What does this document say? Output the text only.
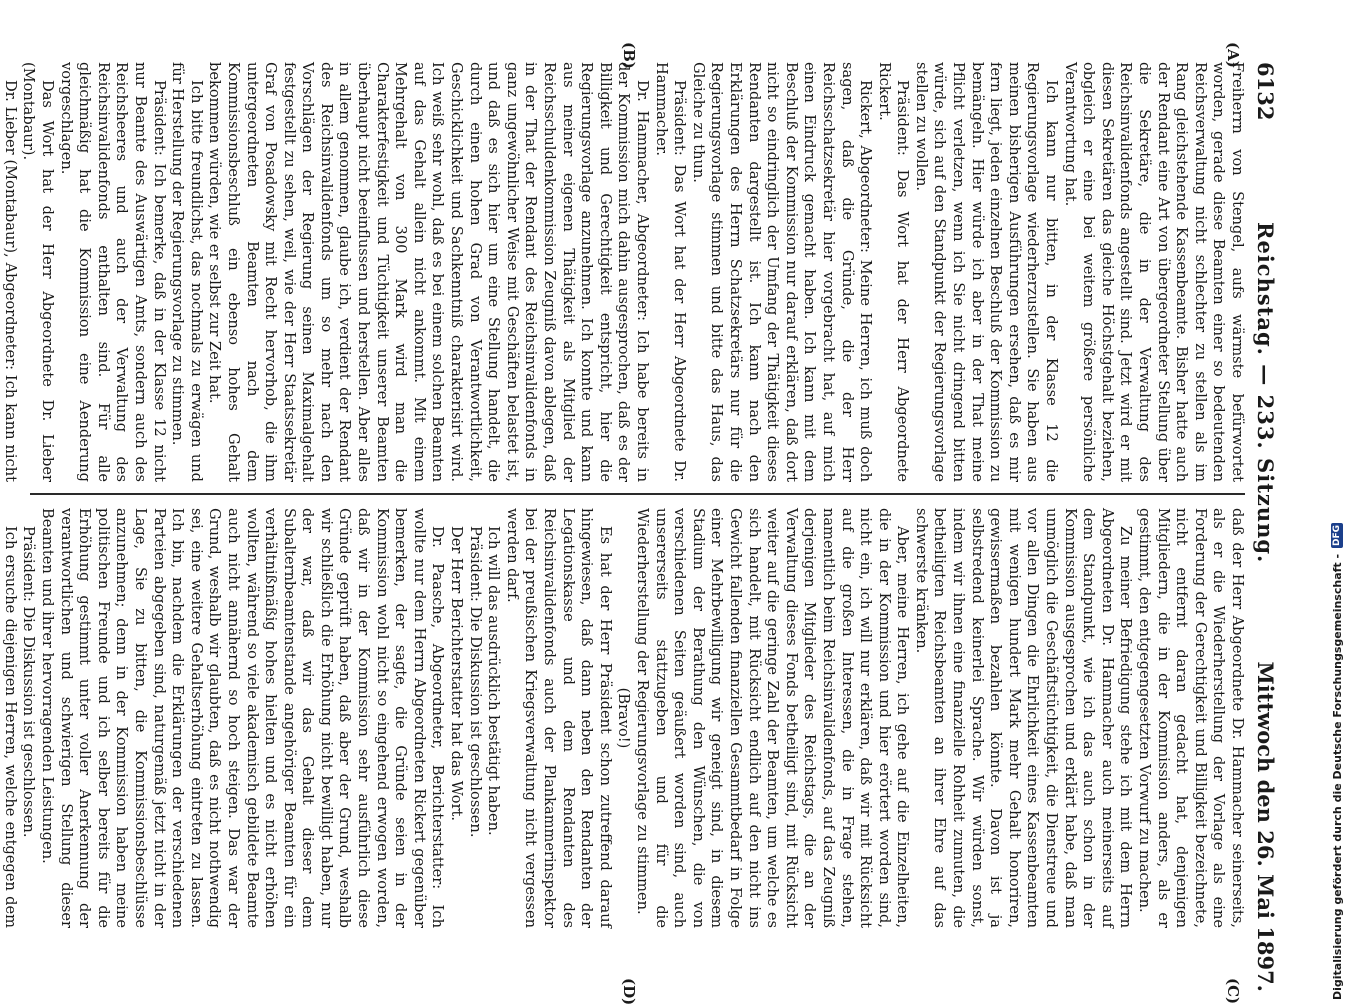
6132
Reichstag. — 233. Sitzung.
Mittwoch den 26. Mai 1897.
(A)
(B)
(C)
(D)

Freiherrn von Stengel, aufs wärmste befürwortet worden, gerade diese Beamten einer so bedeutenden Reichsverwaltung nicht schlechter zu stellen als im Rang gleichstehende Kassenbeamte. Bisher hatte auch der Rendant eine Art von übergeordneter Stellung über die Sekretäre, die in der Verwaltung des Reichsinvalidenfonds angestellt sind. Jetzt wird er mit diesen Sekretären das gleiche Höchstgehalt beziehen, obgleich er eine bei weitem größere persönliche Verantwortung hat.

Ich kann nur bitten, in der Klasse 12 die Regierungsvorlage wiederherzustellen. Sie haben aus meinen bisherigen Ausführungen ersehen, daß es mir fern liegt, jeden einzelnen Beschluß der Kommission zu bemängeln. Hier würde ich aber in der That meine Pflicht verletzen, wenn ich Sie nicht dringend bitten würde, sich auf den Standpunkt der Regierungsvorlage stellen zu wollen.

Präsident: Das Wort hat der Herr Abgeordnete Rickert.

Rickert, Abgeordneter: Meine Herren, ich muß doch sagen, daß die Gründe, die der Herr Reichsschatzsekretär hier vorgebracht hat, auf mich einen Eindruck gemacht haben. Ich kann mit dem Beschluß der Kommission nur darauf erklären, daß dort nicht so eindringlich der Umfang der Thätigkeit dieses Rendanten dargestellt ist. Ich kann nach den Erklärungen des Herrn Schatzsekretärs nur für die Regierungsvorlage stimmen und bitte das Haus, das Gleiche zu thun.

Präsident: Das Wort hat der Herr Abgeordnete Dr. Hammacher.

Dr. Hammacher, Abgeordneter: Ich habe bereits in der Kommission mich dahin ausgesprochen, daß es der Billigkeit und Gerechtigkeit entspricht, hier die Regierungsvorlage anzunehmen. Ich konnte und kann aus meiner eigenen Thätigkeit als Mitglied der Reichsschuldenkommission Zeugniß davon ablegen, daß in der That der Rendant des Reichsinvalidenfonds in ganz ungewöhnlicher Weise mit Geschäften belastet ist, und daß es sich hier um eine Stellung handelt, die durch einen hohen Grad von Verantwortlichkeit, Geschicklichkeit und Sachkenntniß charakterisirt wird. Ich weiß sehr wohl, daß es bei einem solchen Beamten auf das Gehalt allein nicht ankommt. Mit einem Mehrgehalt von 300 Mark wird man die Charakterfestigkeit und Tüchtigkeit unserer Beamten überhaupt nicht beeinflussen und herstellen. Aber alles in allem genommen, glaube ich, verdient der Rendant des Reichsinvalidenfonds um so mehr nach den Vorschlägen der Regierung seinen Maximalgehalt festgestellt zu sehen, weil, wie der Herr Staatssekretär Graf von Posadowsky mit Recht hervorhob, die ihm untergeordneten Beamten nach dem Kommissionsbeschluß ein ebenso hohes Gehalt bekommen würden, wie er selbst zur Zeit hat.

Ich bitte freundlichst, das nochmals zu erwägen und für Herstellung der Regierungsvorlage zu stimmen.

Präsident: Ich bemerke, daß in der Klasse 12 nicht nur Beamte des Auswärtigen Amts, sondern auch des Reichsheeres und auch der Verwaltung des Reichsinvalidenfonds enthalten sind. Für alle gleichmäßig hat die Kommission eine Aenderung vorgeschlagen.

Das Wort hat der Herr Abgeordnete Dr. Lieber (Montabaur).

Dr. Lieber (Montabaur), Abgeordneter: Ich kann nicht

daß der Herr Abgeordnete Dr. Hammacher seinerseits, als er die Wiederherstellung der Vorlage als eine Forderung der Gerechtigkeit und Billigkeit bezeichnete, nicht entfernt daran gedacht hat, denjenigen Mitgliedern, die in der Kommission anders, als er gestimmt, den entgegengesetzten Vorwurf zu machen.

Zu meiner Befriedigung stehe ich mit dem Herrn Abgeordneten Dr. Hammacher auch meinerseits auf dem Standpunkt, wie ich das auch schon in der Kommission ausgesprochen und erklärt habe, daß man unmöglich die Geschäftstüchtigkeit, die Dienstreue und vor allen Dingen die Ehrlichkeit eines Kassenbeamten mit wenigen hundert Mark mehr Gehalt honoriren, gewissermaßen bezahlen könnte. Davon ist ja selbstredend keinerlei Sprache. Wir würden sonst, indem wir ihnen eine finanzielle Rohheit zumuten, die betheiligten Reichsbeamten an ihrer Ehre auf das schwerste kränken.

Aber, meine Herren, ich gehe auf die Einzelheiten, die in der Kommission und hier erörtert worden sind, nicht ein, ich will nur erklären, daß wir mit Rücksicht auf die großen Interessen, die in Frage stehen, namentlich beim Reichsinvalidenfonds, auf das Zeugniß derjenigen Mitglieder des Reichstags, die an der Verwaltung dieses Fonds betheiligt sind, mit Rücksicht weiter auf die geringe Zahl der Beamten, um welche es sich handelt, mit Rücksicht endlich auf den nicht ins Gewicht fallenden finanziellen Gesammtbedarf in Folge einer Mehrbewilligung wir geneigt sind, in diesem Stadium der Berathung den Wünschen, die von verschiedenen Seiten geäußert worden sind, auch unsererseits stattzugeben und für die Wiederherstellung der Regierungsvorlage zu stimmen.

(Bravo!)

Es hat der Herr Präsident schon zutreffend darauf hingewiesen, daß dann neben den Rendanten der Legationskasse und dem Rendanten des Reichsinvalidenfonds auch der Plankammerinspektor bei der preußischen Kriegsverwaltung nicht vergessen werden darf.

Ich will das ausdrücklich bestätigt haben.

Präsident: Die Diskussion ist geschlossen.

Der Herr Berichterstatter hat das Wort.

Dr. Paasche, Abgeordneter, Berichterstatter: Ich wollte nur dem Herrn Abgeordneten Rickert gegenüber bemerken, der sagte, die Gründe seien in der Kommission wohl nicht so eingehend erwogen worden, daß wir in der Kommission sehr ausführlich diese Gründe geprüft haben, daß aber der Grund, weshalb wir schließlich die Erhöhung nicht bewilligt haben, nur der war, daß wir das Gehalt dieser dem Subalternbeamtenstande angehöriger Beamten für ein verhältnißmäßig hohes hielten und es nicht erhöhen wollten, während so viele akademisch gebildete Beamte auch nicht annähernd so hoch steigen. Das war der Grund, weshalb wir glaubten, daß es nicht nothwendig sei, eine weitere Gehaltserhöhung eintreten zu lassen. Ich bin, nachdem die Erklärungen der verschiedenen Parteien abgegeben sind, naturgemäß jetzt nicht in der Lage, Sie zu bitten, die Kommissionsbeschlüsse anzunehmen; denn in der Kommission haben meine politischen Freunde und ich selber bereits für die Erhöhung gestimmt unter voller Anerkennung der verantwortlichen und schwierigen Stellung dieser Beamten und ihrer hervorragenden Leistungen.

Präsident: Die Diskussion ist geschlossen.

Ich ersuche diejenigen Herren, welche entgegen dem	Digitalisierung gefördert durch die Deutsche Forschungsgemeinschaft -
DFG
